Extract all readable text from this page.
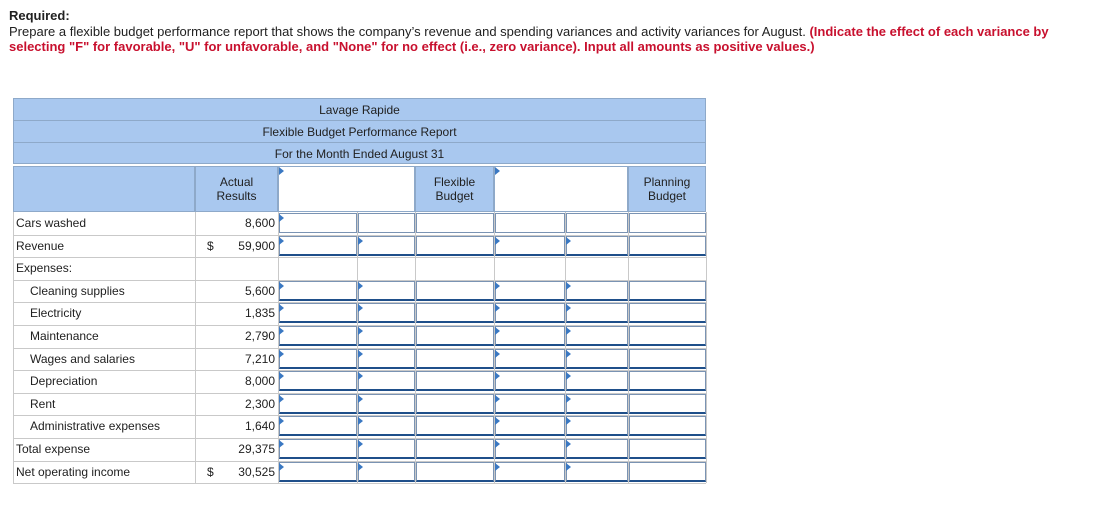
Required:
Prepare a flexible budget performance report that shows the company’s revenue and spending variances and activity variances for August. (Indicate the effect of each variance by selecting "F" for favorable, "U" for unfavorable, and "None" for no effect (i.e., zero variance). Input all amounts as positive values.)
Lavage Rapide
Flexible Budget Performance Report
For the Month Ended August 31
Actual
Results
Flexible
Budget
Planning
Budget
Cars washed	8,600
Revenue	$	59,900
Expenses:
Cleaning supplies	5,600
Electricity	1,835
Maintenance	2,790
Wages and salaries	7,210
Depreciation	8,000
Rent	2,300
Administrative expenses	1,640
Total expense	29,375
Net operating income	$	30,525
